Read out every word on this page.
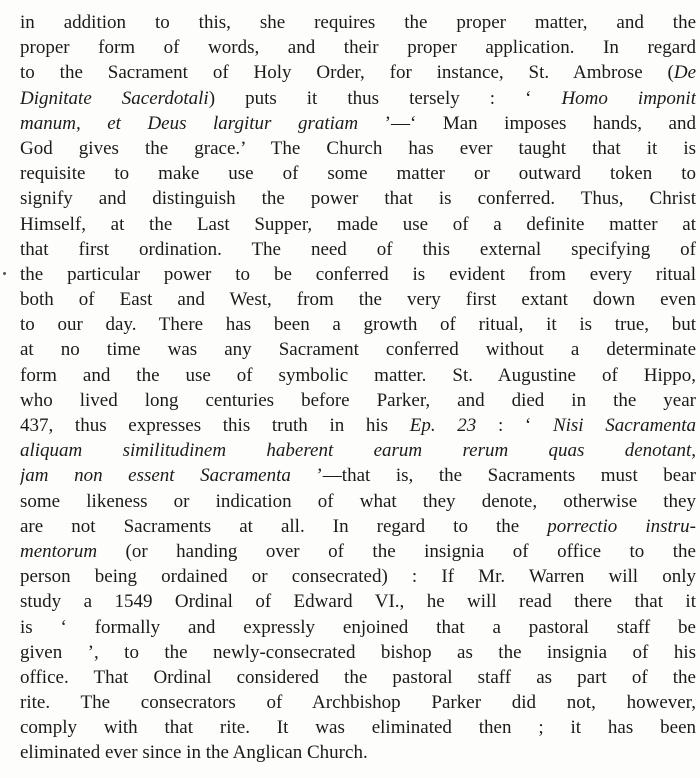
in addition to this, she requires the proper matter, and the
proper form of words, and their proper application. In regard
to the Sacrament of Holy Order, for instance, St. Ambrose (De
Dignitate Sacerdotali) puts it thus tersely : ‘ Homo imponit
manum, et Deus largitur gratiam ’—‘ Man imposes hands, and
God gives the grace.’ The Church has ever taught that it is
requisite to make use of some matter or outward token to
signify and distinguish the power that is conferred. Thus, Christ
Himself, at the Last Supper, made use of a definite matter at
that first ordination. The need of this external specifying of
the particular power to be conferred is evident from every ritual
both of East and West, from the very first extant down even
to our day. There has been a growth of ritual, it is true, but
at no time was any Sacrament conferred without a determinate
form and the use of symbolic matter. St. Augustine of Hippo,
who lived long centuries before Parker, and died in the year
437, thus expresses this truth in his Ep. 23 : ‘ Nisi Sacramenta
aliquam similitudinem haberent earum rerum quas denotant,
jam non essent Sacramenta ’—that is, the Sacraments must bear
some likeness or indication of what they denote, otherwise they
are not Sacraments at all. In regard to the porrectio instru-
mentorum (or handing over of the insignia of office to the
person being ordained or consecrated) : If Mr. Warren will only
study a 1549 Ordinal of Edward VI., he will read there that it
is ‘ formally and expressly enjoined that a pastoral staff be
given ’, to the newly-consecrated bishop as the insignia of his
office. That Ordinal considered the pastoral staff as part of the
rite. The consecrators of Archbishop Parker did not, however,
comply with that rite. It was eliminated then ; it has been
eliminated ever since in the Anglican Church.
